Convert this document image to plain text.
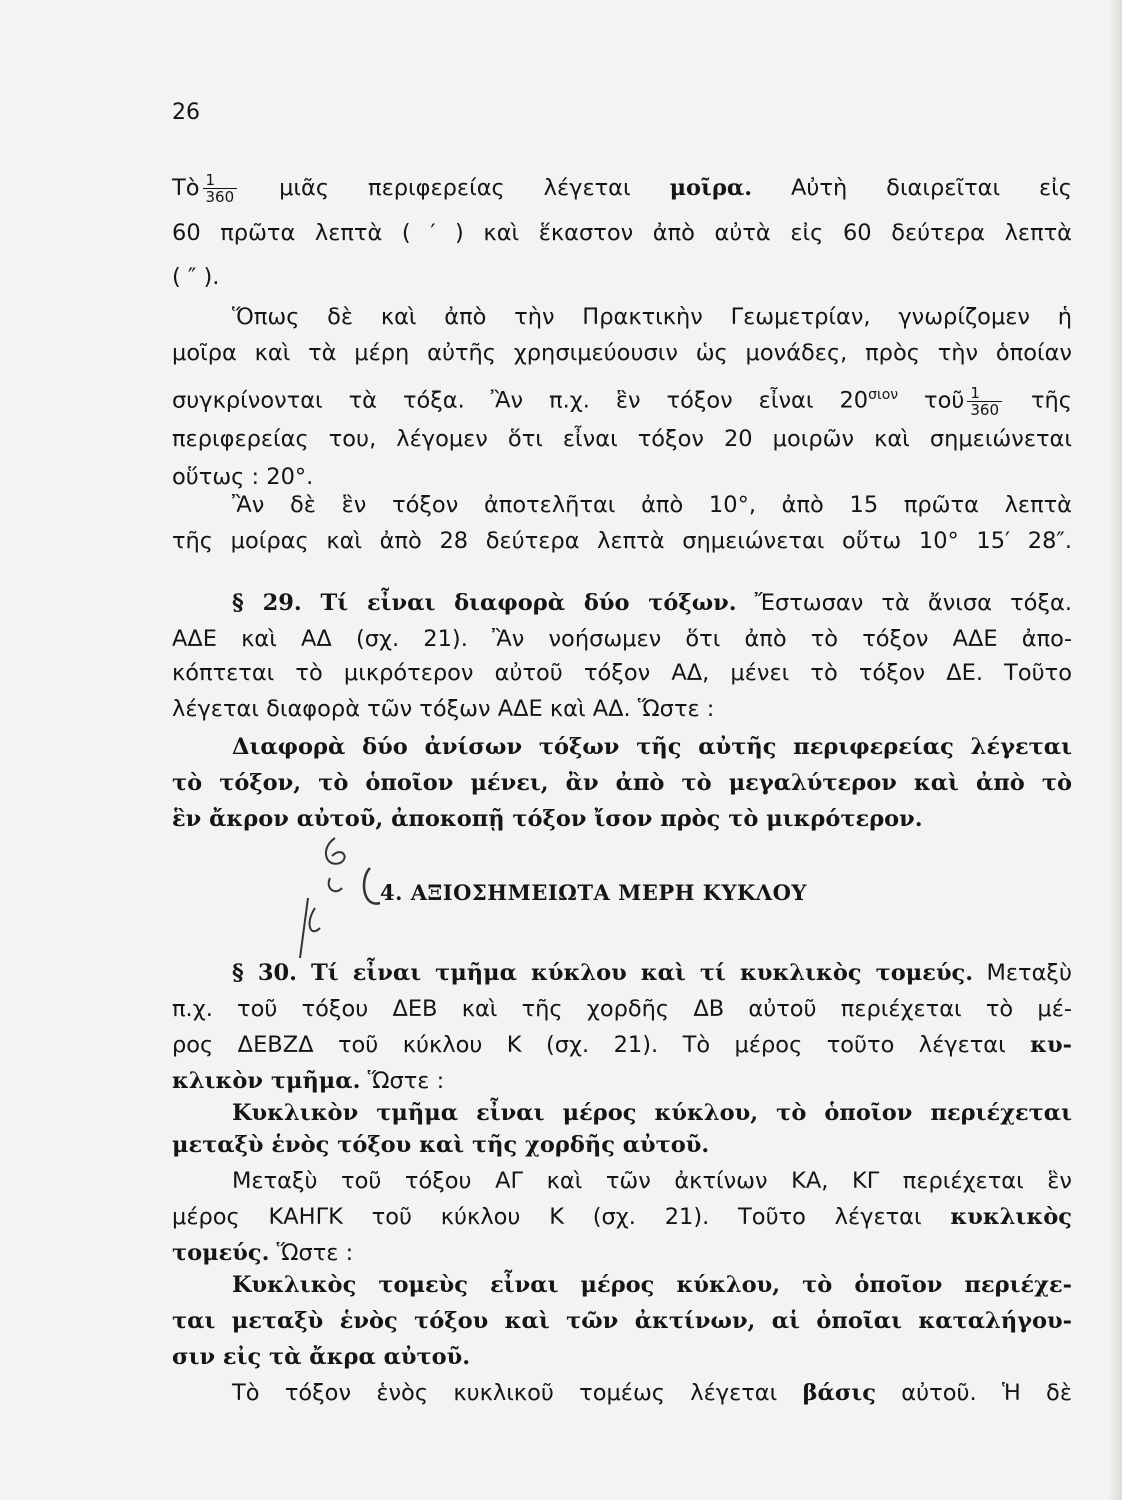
26
Τὸ $\frac{1}{360}$ μιᾶς περιφερείας λέγεται μοῖρα. Αὐτὴ διαιρεῖται εἰς
60 πρῶτα λεπτὰ ( ′ ) καὶ ἕκαστον ἀπὸ αὐτὰ εἰς 60 δεύτερα λεπτὰ
( ″ ).
Ὅπως δὲ καὶ ἀπὸ τὴν Πρακτικὴν Γεωμετρίαν, γνωρίζομεν ἡ
μοῖρα καὶ τὰ μέρη αὐτῆς χρησιμεύουσιν ὡς μονάδες, πρὸς τὴν ὁποίαν
συγκρίνονται τὰ τόξα. Ἂν π.χ. ἓν τόξον εἶναι $20^{\sigma\iota o\nu}$ τοῦ $\frac{1}{360}$ τῆς
περιφερείας του, λέγομεν ὅτι εἶναι τόξον 20 μοιρῶν καὶ σημειώνεται
οὕτως : 20°.
Ἂν δὲ ἓν τόξον ἀποτελῆται ἀπὸ 10°, ἀπὸ 15 πρῶτα λεπτὰ
τῆς μοίρας καὶ ἀπὸ 28 δεύτερα λεπτὰ σημειώνεται οὕτω 10° 15′ 28″.
§ 29. Τί εἶναι διαφορὰ δύο τόξων. Ἔστωσαν τὰ ἄνισα τόξα.
ΑΔΕ καὶ ΑΔ (σχ. 21). Ἂν νοήσωμεν ὅτι ἀπὸ τὸ τόξον ΑΔΕ ἀπο-
κόπτεται τὸ μικρότερον αὐτοῦ τόξον ΑΔ, μένει τὸ τόξον ΔΕ. Τοῦτο
λέγεται διαφορὰ τῶν τόξων ΑΔΕ καὶ ΑΔ. Ὥστε :
Διαφορὰ δύο ἀνίσων τόξων τῆς αὐτῆς περιφερείας λέγεται
τὸ τόξον, τὸ ὁποῖον μένει, ἂν ἀπὸ τὸ μεγαλύτερον καὶ ἀπὸ τὸ
ἓν ἄκρον αὐτοῦ, ἀποκοπῇ τόξον ἴσον πρὸς τὸ μικρότερον.
4. ΑΞΙΟΣΗΜΕΙΩΤΑ ΜΕΡΗ ΚΥΚΛΟΥ
§ 30. Τί εἶναι τμῆμα κύκλου καὶ τί κυκλικὸς τομεύς. Μεταξὺ
π.χ. τοῦ τόξου ΔΕΒ καὶ τῆς χορδῆς ΔΒ αὐτοῦ περιέχεται τὸ μέ-
ρος ΔΕΒΖΔ τοῦ κύκλου Κ (σχ. 21). Τὸ μέρος τοῦτο λέγεται κυ-
κλικὸν τμῆμα. Ὥστε :
Κυκλικὸν τμῆμα εἶναι μέρος κύκλου, τὸ ὁποῖον περιέχεται
μεταξὺ ἑνὸς τόξου καὶ τῆς χορδῆς αὐτοῦ.
Μεταξὺ τοῦ τόξου ΑΓ καὶ τῶν ἀκτίνων ΚΑ, ΚΓ περιέχεται ἓν
μέρος ΚΑΗΓΚ τοῦ κύκλου Κ (σχ. 21). Τοῦτο λέγεται κυκλικὸς
τομεύς. Ὥστε :
Κυκλικὸς τομεὺς εἶναι μέρος κύκλου, τὸ ὁποῖον περιέχε-
ται μεταξὺ ἑνὸς τόξου καὶ τῶν ἀκτίνων, αἱ ὁποῖαι καταλήγου-
σιν εἰς τὰ ἄκρα αὐτοῦ.
Τὸ τόξον ἑνὸς κυκλικοῦ τομέως λέγεται βάσις αὐτοῦ. Ἡ δὲ
